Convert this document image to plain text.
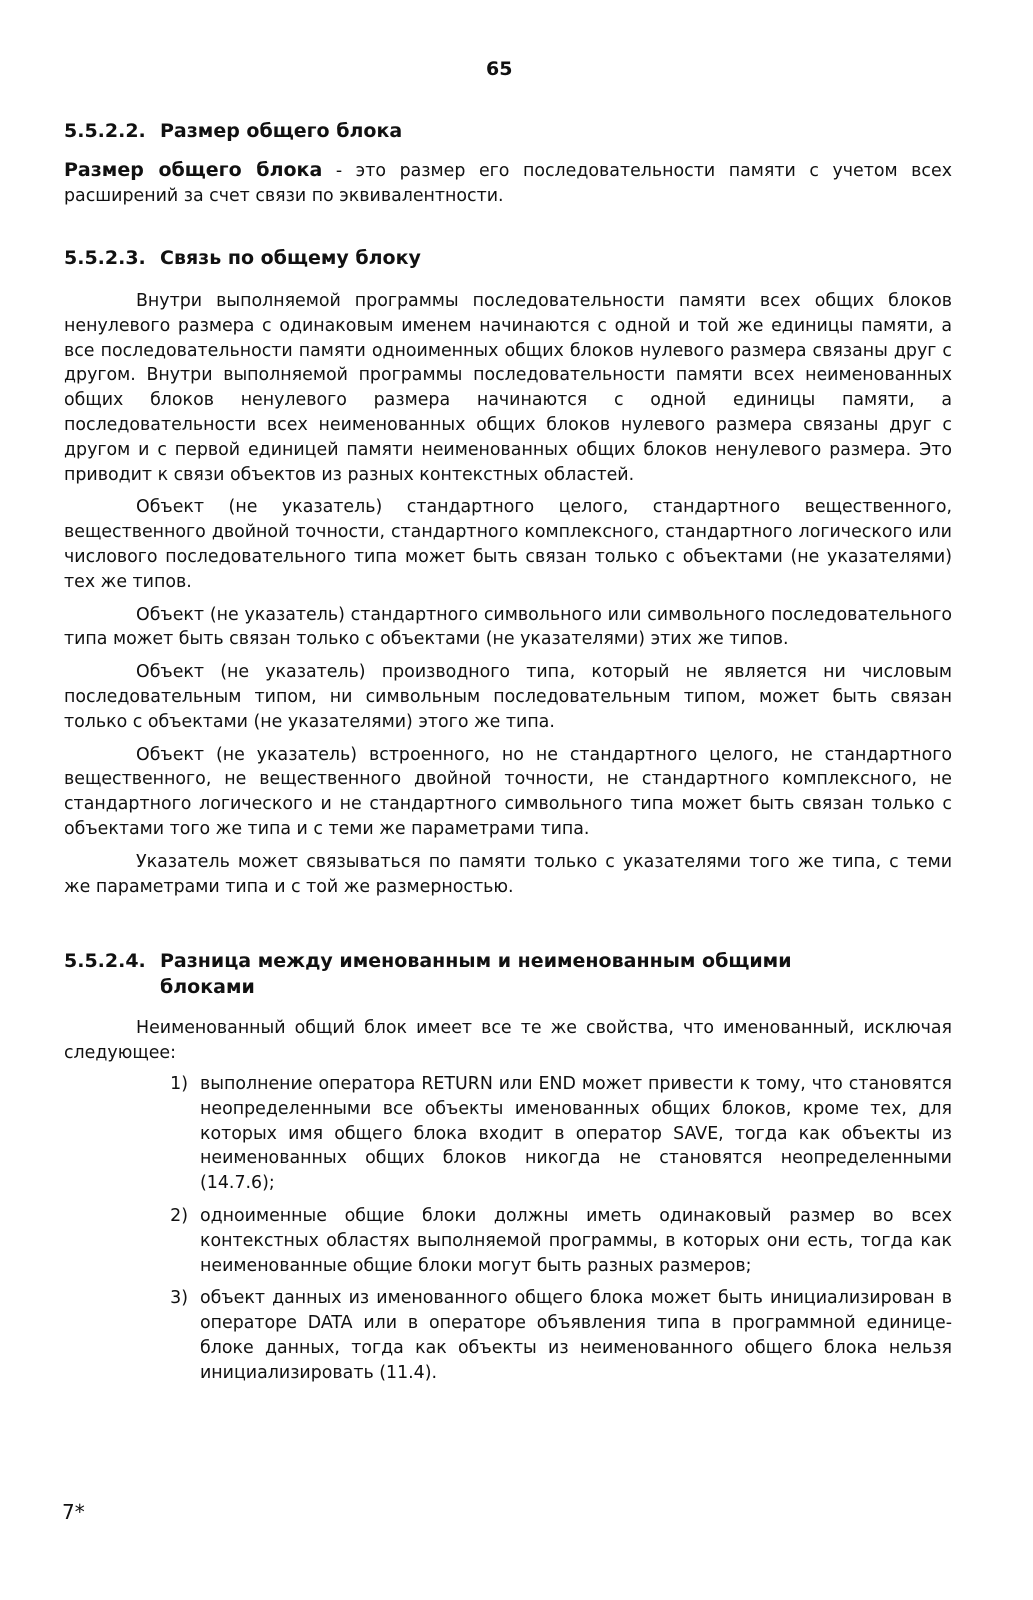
65
5.5.2.2. Размер общего блока

Размер общего блока - это размер его последовательности памяти с учетом всех расширений за счет связи по эквивалентности.

5.5.2.3. Связь по общему блоку

Внутри выполняемой программы последовательности памяти всех общих блоков ненулевого размера с одинаковым именем начинаются с одной и той же единицы памяти, а все последовательности памяти одноименных общих блоков нулевого размера связаны друг с другом. Внутри выполняемой программы последовательности памяти всех неименованных общих блоков ненулевого размера начинаются с одной единицы памяти, а последовательности всех неименованных общих блоков нулевого размера связаны друг с другом и с первой единицей памяти неименованных общих блоков ненулевого размера. Это приводит к связи объектов из разных контекстных областей.

Объект (не указатель) стандартного целого, стандартного вещественного, вещественного двойной точности, стандартного комплексного, стандартного логического или числового последовательного типа может быть связан только с объектами (не указателями) тех же типов.

Объект (не указатель) стандартного символьного или символьного последовательного типа может быть связан только с объектами (не указателями) этих же типов.

Объект (не указатель) производного типа, который не является ни числовым последовательным типом, ни символьным последовательным типом, может быть связан только с объектами (не указателями) этого же типа.

Объект (не указатель) встроенного, но не стандартного целого, не стандартного вещественного, не вещественного двойной точности, не стандартного комплексного, не стандартного логического и не стандартного символьного типа может быть связан только с объектами того же типа и с теми же параметрами типа.

Указатель может связываться по памяти только с указателями того же типа, с теми же параметрами типа и с той же размерностью.

5.5.2.4. Разница между именованным и неименованным общими блоками

Неименованный общий блок имеет все те же свойства, что именованный, исключая следующее:

1) выполнение оператора RETURN или END может привести к тому, что становятся неопределенными все объекты именованных общих блоков, кроме тех, для которых имя общего блока входит в оператор SAVE, тогда как объекты из неименованных общих блоков никогда не становятся неопределенными (14.7.6);
2) одноименные общие блоки должны иметь одинаковый размер во всех контекстных областях выполняемой программы, в которых они есть, тогда как неименованные общие блоки могут быть разных размеров;
3) объект данных из именованного общего блока может быть инициализирован в операторе DATA или в операторе объявления типа в программной единице-блоке данных, тогда как объекты из неименованного общего блока нельзя инициализировать (11.4).
7*
